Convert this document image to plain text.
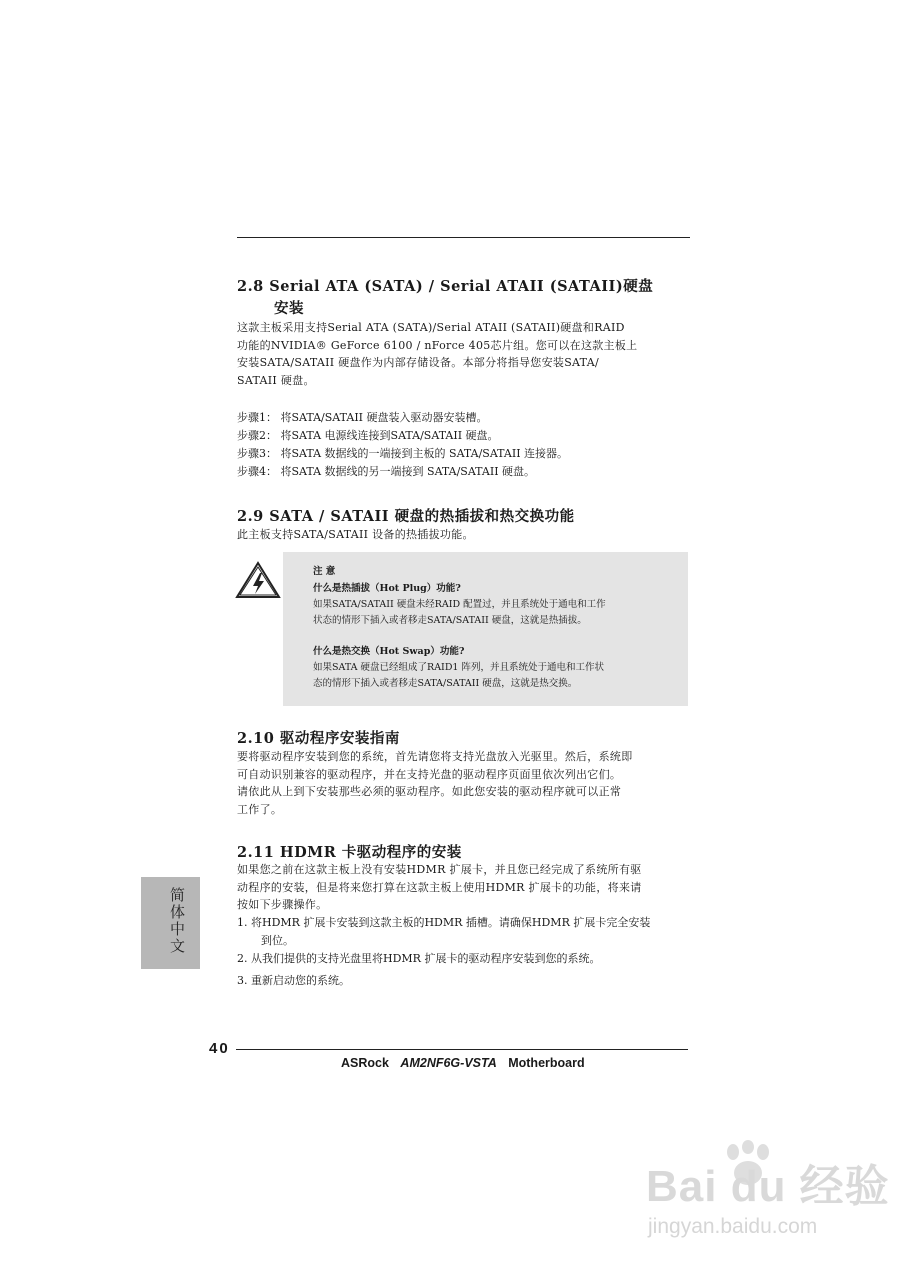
2.8 Serial ATA (SATA) / Serial ATAII (SATAII)硬盘
安装
这款主板采用支持Serial ATA (SATA)/Serial ATAII (SATAII)硬盘和RAID
功能的NVIDIA® GeForce 6100 / nForce 405芯片组。您可以在这款主板上
安装SATA/SATAII 硬盘作为内部存储设备。本部分将指导您安装SATA/
SATAII 硬盘。
步骤1： 将SATA/SATAII 硬盘装入驱动器安装槽。
步骤2： 将SATA 电源线连接到SATA/SATAII 硬盘。
步骤3： 将SATA 数据线的一端接到主板的 SATA/SATAII 连接器。
步骤4： 将SATA 数据线的另一端接到 SATA/SATAII 硬盘。
2.9 SATA / SATAII 硬盘的热插拔和热交换功能
此主板支持SATA/SATAII 设备的热插拔功能。
注 意
什么是热插拔（Hot Plug）功能?
如果SATA/SATAII 硬盘未经RAID 配置过，并且系统处于通电和工作
状态的情形下插入或者移走SATA/SATAII 硬盘，这就是热插拔。
什么是热交换（Hot Swap）功能?
如果SATA 硬盘已经组成了RAID1 阵列，并且系统处于通电和工作状
态的情形下插入或者移走SATA/SATAII 硬盘，这就是热交换。
2.10 驱动程序安装指南
要将驱动程序安装到您的系统，首先请您将支持光盘放入光驱里。然后，系统即
可自动识别兼容的驱动程序，并在支持光盘的驱动程序页面里依次列出它们。
请依此从上到下安装那些必须的驱动程序。如此您安装的驱动程序就可以正常
工作了。
2.11 HDMR 卡驱动程序的安装
如果您之前在这款主板上没有安装HDMR 扩展卡，并且您已经完成了系统所有驱
动程序的安装，但是将来您打算在这款主板上使用HDMR 扩展卡的功能，将来请
按如下步骤操作。
1. 将HDMR 扩展卡安装到这款主板的HDMR 插槽。请确保HDMR 扩展卡完全安装
到位。
2. 从我们提供的支持光盘里将HDMR 扩展卡的驱动程序安装到您的系统。
3. 重新启动您的系统。
简体中文
40
ASRock AM2NF6G-VSTA Motherboard
Bai du 经验
jingyan.baidu.com
